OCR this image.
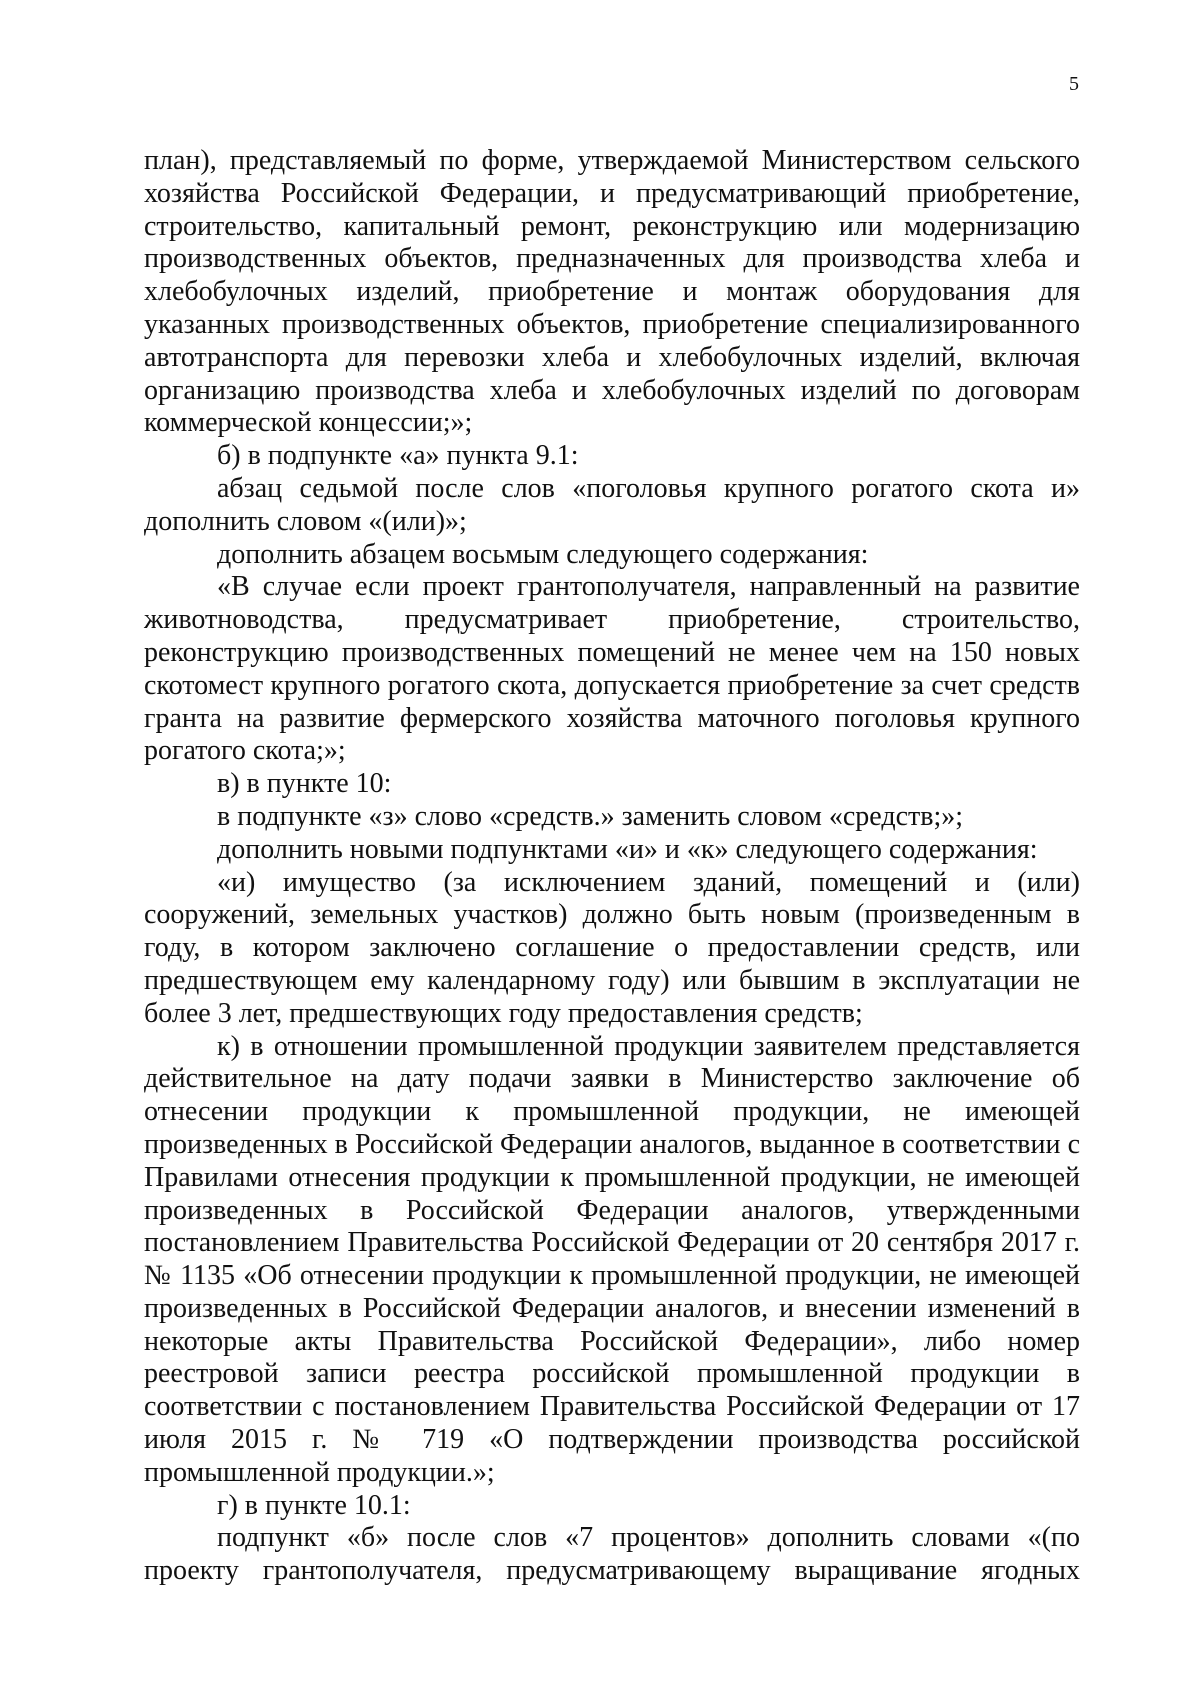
5

план), представляемый по форме, утверждаемой Министерством сельского хозяйства Российской Федерации, и предусматривающий приобретение, строительство, капитальный ремонт, реконструкцию или модернизацию производственных объектов, предназначенных для производства хлеба и хлебобулочных изделий, приобретение и монтаж оборудования для указанных производственных объектов, приобретение специализированного автотранспорта для перевозки хлеба и хлебобулочных изделий, включая организацию производства хлеба и хлебобулочных изделий по договорам коммерческой концессии;»;

б) в подпункте «а» пункта 9.1:

абзац седьмой после слов «поголовья крупного рогатого скота и» дополнить словом «(или)»;

дополнить абзацем восьмым следующего содержания:

«В случае если проект грантополучателя, направленный на развитие животноводства, предусматривает приобретение, строительство, реконструкцию производственных помещений не менее чем на 150 новых скотомест крупного рогатого скота, допускается приобретение за счет средств гранта на развитие фермерского хозяйства маточного поголовья крупного рогатого скота;»;

в) в пункте 10:

в подпункте «з» слово «средств.» заменить словом «средств;»;

дополнить новыми подпунктами «и» и «к» следующего содержания:

«и) имущество (за исключением зданий, помещений и (или) сооружений, земельных участков) должно быть новым (произведенным в году, в котором заключено соглашение о предоставлении средств, или предшествующем ему календарному году) или бывшим в эксплуатации не более 3 лет, предшествующих году предоставления средств;

к) в отношении промышленной продукции заявителем представляется действительное на дату подачи заявки в Министерство заключение об отнесении продукции к промышленной продукции, не имеющей произведенных в Российской Федерации аналогов, выданное в соответствии с Правилами отнесения продукции к промышленной продукции, не имеющей произведенных в Российской Федерации аналогов, утвержденными постановлением Правительства Российской Федерации от 20 сентября 2017 г. № 1135 «Об отнесении продукции к промышленной продукции, не имеющей произведенных в Российской Федерации аналогов, и внесении изменений в некоторые акты Правительства Российской Федерации», либо номер реестровой записи реестра российской промышленной продукции в соответствии с постановлением Правительства Российской Федерации от 17 июля 2015 г. № 719 «О подтверждении производства российской промышленной продукции.»;

г) в пункте 10.1:

подпункт «б» после слов «7 процентов» дополнить словами «(по проекту грантополучателя, предусматривающему выращивание ягодных
